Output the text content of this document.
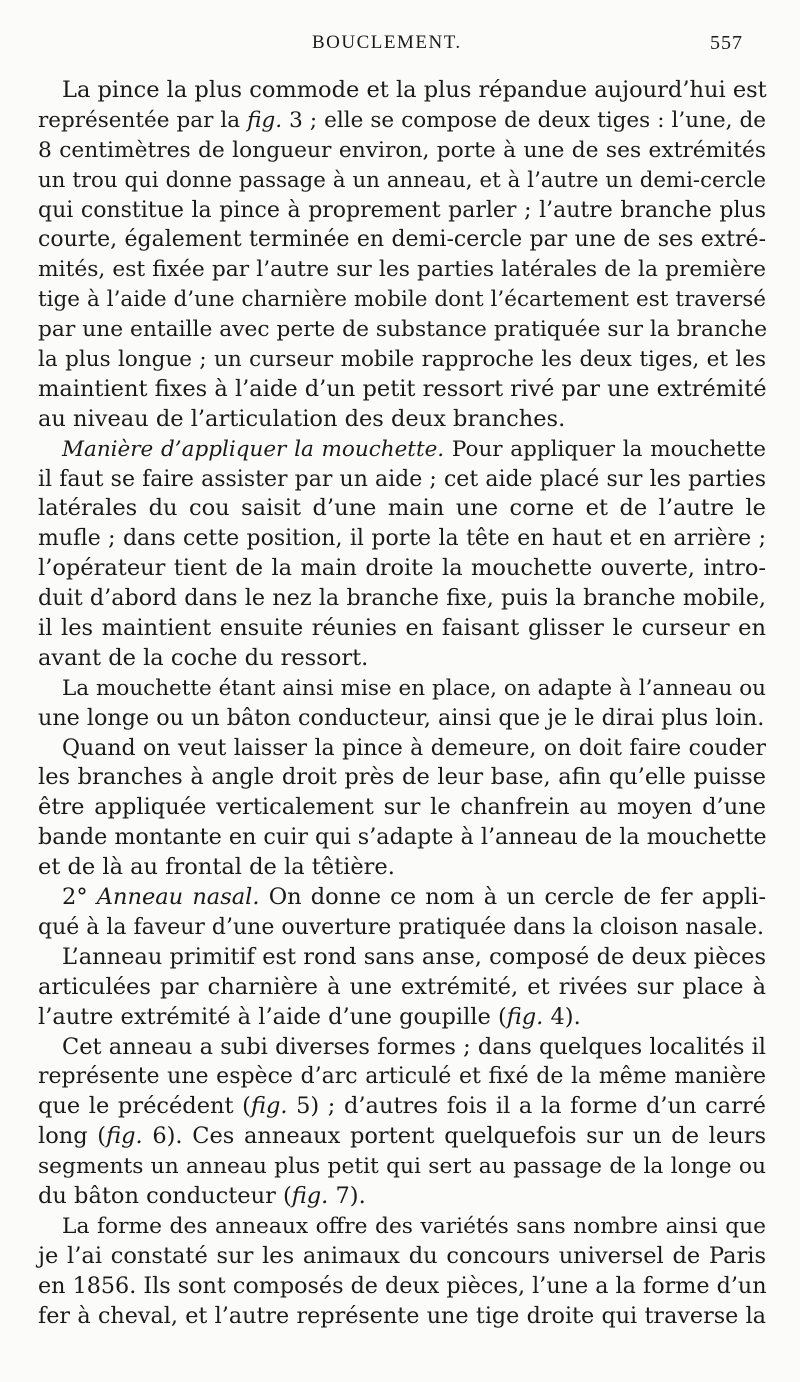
BOUCLEMENT.	557
La pince la plus commode et la plus répandue aujourd’hui est
représentée par la fig. 3 ; elle se compose de deux tiges : l’une, de
8 centimètres de longueur environ, porte à une de ses extrémités
un trou qui donne passage à un anneau, et à l’autre un demi-cercle
qui constitue la pince à proprement parler ; l’autre branche plus
courte, également terminée en demi-cercle par une de ses extré-
mités, est fixée par l’autre sur les parties latérales de la première
tige à l’aide d’une charnière mobile dont l’écartement est traversé
par une entaille avec perte de substance pratiquée sur la branche
la plus longue ; un curseur mobile rapproche les deux tiges, et les
maintient fixes à l’aide d’un petit ressort rivé par une extrémité
au niveau de l’articulation des deux branches.
Manière d’appliquer la mouchette. Pour appliquer la mouchette
il faut se faire assister par un aide ; cet aide placé sur les parties
latérales du cou saisit d’une main une corne et de l’autre le
mufle ; dans cette position, il porte la tête en haut et en arrière ;
l’opérateur tient de la main droite la mouchette ouverte, intro-
duit d’abord dans le nez la branche fixe, puis la branche mobile,
il les maintient ensuite réunies en faisant glisser le curseur en
avant de la coche du ressort.
La mouchette étant ainsi mise en place, on adapte à l’anneau ou
une longe ou un bâton conducteur, ainsi que je le dirai plus loin.
Quand on veut laisser la pince à demeure, on doit faire couder
les branches à angle droit près de leur base, afin qu’elle puisse
être appliquée verticalement sur le chanfrein au moyen d’une
bande montante en cuir qui s’adapte à l’anneau de la mouchette
et de là au frontal de la têtière.
2° Anneau nasal. On donne ce nom à un cercle de fer appli-
qué à la faveur d’une ouverture pratiquée dans la cloison nasale.
L’anneau primitif est rond sans anse, composé de deux pièces
articulées par charnière à une extrémité, et rivées sur place à
l’autre extrémité à l’aide d’une goupille (fig. 4).
Cet anneau a subi diverses formes ; dans quelques localités il
représente une espèce d’arc articulé et fixé de la même manière
que le précédent (fig. 5) ; d’autres fois il a la forme d’un carré
long (fig. 6). Ces anneaux portent quelquefois sur un de leurs
segments un anneau plus petit qui sert au passage de la longe ou
du bâton conducteur (fig. 7).
La forme des anneaux offre des variétés sans nombre ainsi que
je l’ai constaté sur les animaux du concours universel de Paris
en 1856. Ils sont composés de deux pièces, l’une a la forme d’un
fer à cheval, et l’autre représente une tige droite qui traverse la
